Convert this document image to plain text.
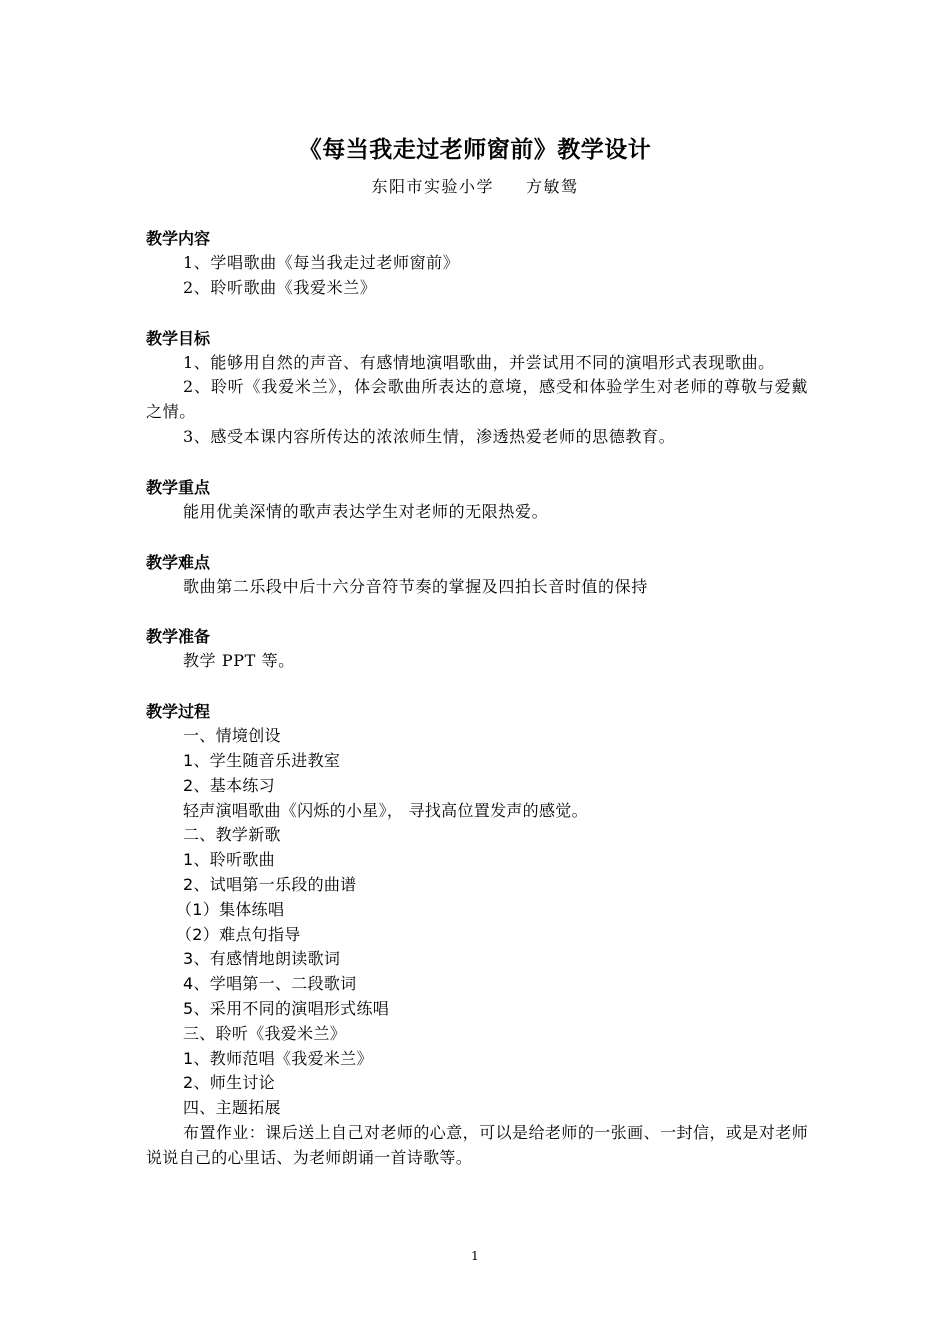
《每当我走过老师窗前》教学设计
东阳市实验小学 方敏鸳
教学内容
1、学唱歌曲《每当我走过老师窗前》
2、聆听歌曲《我爱米兰》
教学目标
1、能够用自然的声音、有感情地演唱歌曲，并尝试用不同的演唱形式表现歌曲。
2、聆听《我爱米兰》，体会歌曲所表达的意境，感受和体验学生对老师的尊敬与爱戴之情。
3、感受本课内容所传达的浓浓师生情，渗透热爱老师的思德教育。
教学重点
能用优美深情的歌声表达学生对老师的无限热爱。
教学难点
歌曲第二乐段中后十六分音符节奏的掌握及四拍长音时值的保持
教学准备
教学 PPT 等。
教学过程
一、情境创设
1、学生随音乐进教室
2、基本练习
轻声演唱歌曲《闪烁的小星》， 寻找高位置发声的感觉。
二、教学新歌
1、聆听歌曲
2、试唱第一乐段的曲谱
（1）集体练唱
（2）难点句指导
3、有感情地朗读歌词
4、学唱第一、二段歌词
5、采用不同的演唱形式练唱
三、聆听《我爱米兰》
1、教师范唱《我爱米兰》
2、师生讨论
四、主题拓展
布置作业：课后送上自己对老师的心意，可以是给老师的一张画、一封信，或是对老师说说自己的心里话、为老师朗诵一首诗歌等。
1
